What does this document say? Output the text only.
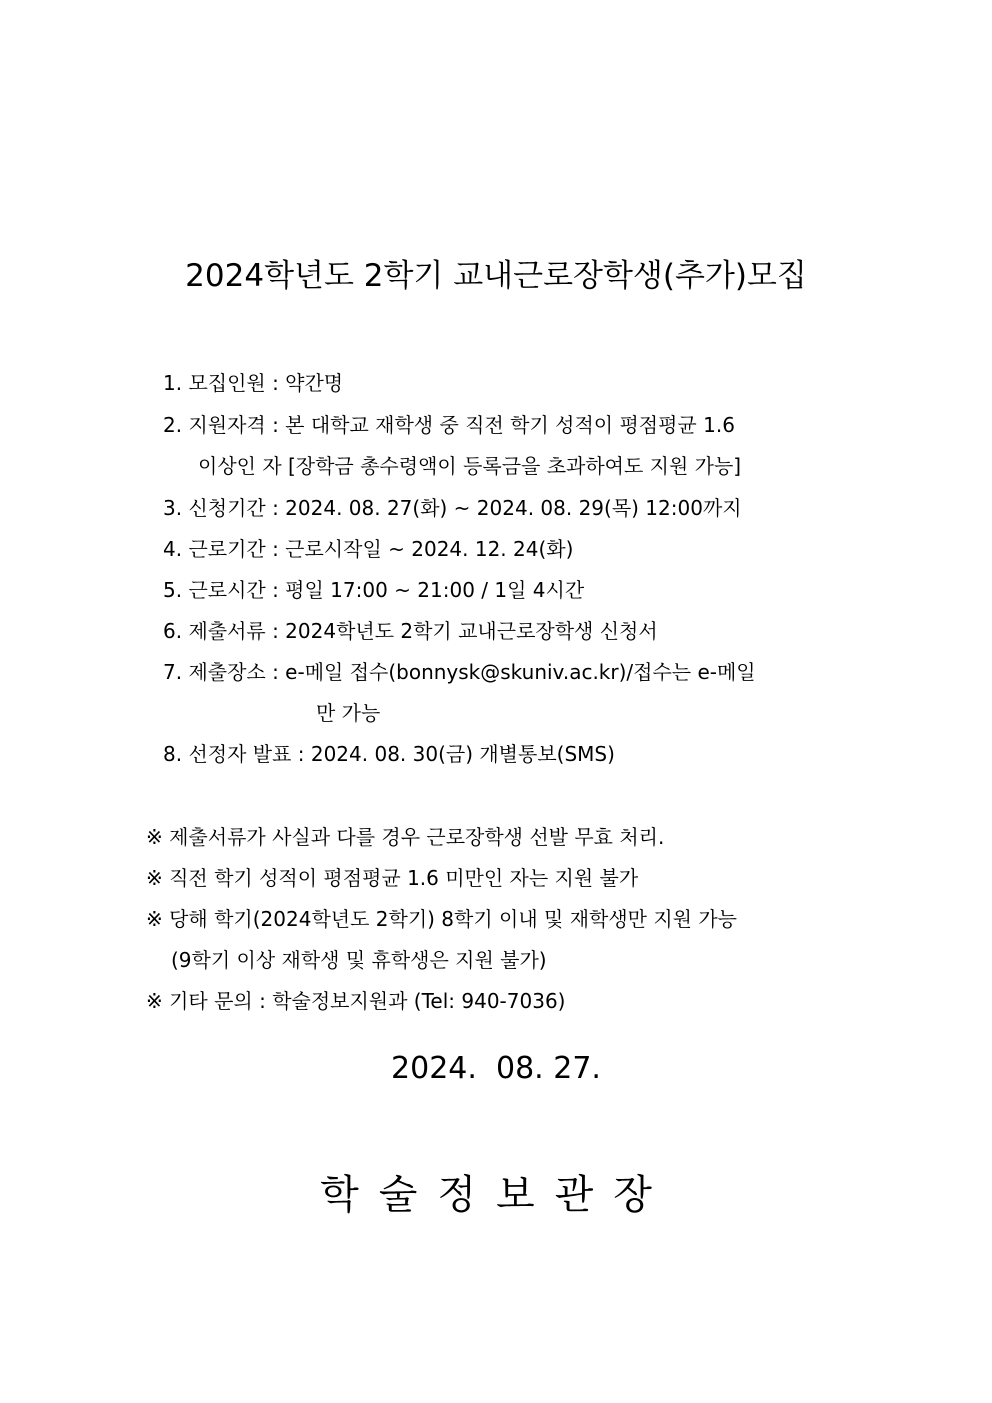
2024학년도 2학기 교내근로장학생(추가)모집
1. 모집인원 : 약간명
2. 지원자격 : 본 대학교 재학생 중 직전 학기 성적이 평점평균 1.6
이상인 자 [장학금 총수령액이 등록금을 초과하여도 지원 가능]
3. 신청기간 : 2024. 08. 27(화) ~ 2024. 08. 29(목) 12:00까지
4. 근로기간 : 근로시작일 ~ 2024. 12. 24(화)
5. 근로시간 : 평일 17:00 ~ 21:00 / 1일 4시간
6. 제출서류 : 2024학년도 2학기 교내근로장학생 신청서
7. 제출장소 : e-메일 접수(bonnysk@skuniv.ac.kr)/접수는 e-메일
만 가능
8. 선정자 발표 : 2024. 08. 30(금) 개별통보(SMS)
※ 제출서류가 사실과 다를 경우 근로장학생 선발 무효 처리.
※ 직전 학기 성적이 평점평균 1.6 미만인 자는 지원 불가
※ 당해 학기(2024학년도 2학기) 8학기 이내 및 재학생만 지원 가능
(9학기 이상 재학생 및 휴학생은 지원 불가)
※ 기타 문의 : 학술정보지원과 (Tel: 940-7036)
2024.  08. 27.
학술정보관장
